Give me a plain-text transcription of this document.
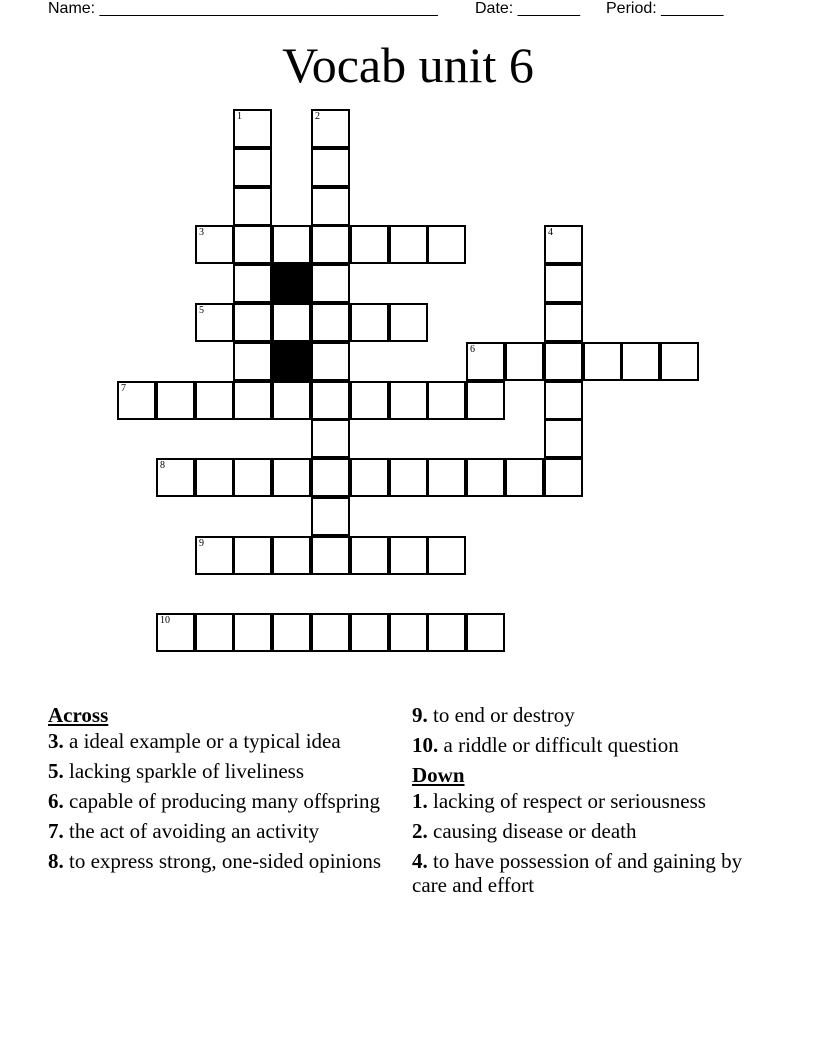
Name: ______________________________________

Date: _______

Period: _______

Vocab unit 6
1	2
3	4
5
6
7
8
9
10
Across
3. a ideal example or a typical idea
5. lacking sparkle of liveliness
6. capable of producing many offspring
7. the act of avoiding an activity
8. to express strong, one-sided opinions
9. to end or destroy
10. a riddle or difficult question
Down
1. lacking of respect or seriousness
2. causing disease or death
4. to have possession of and gaining by care and effort
